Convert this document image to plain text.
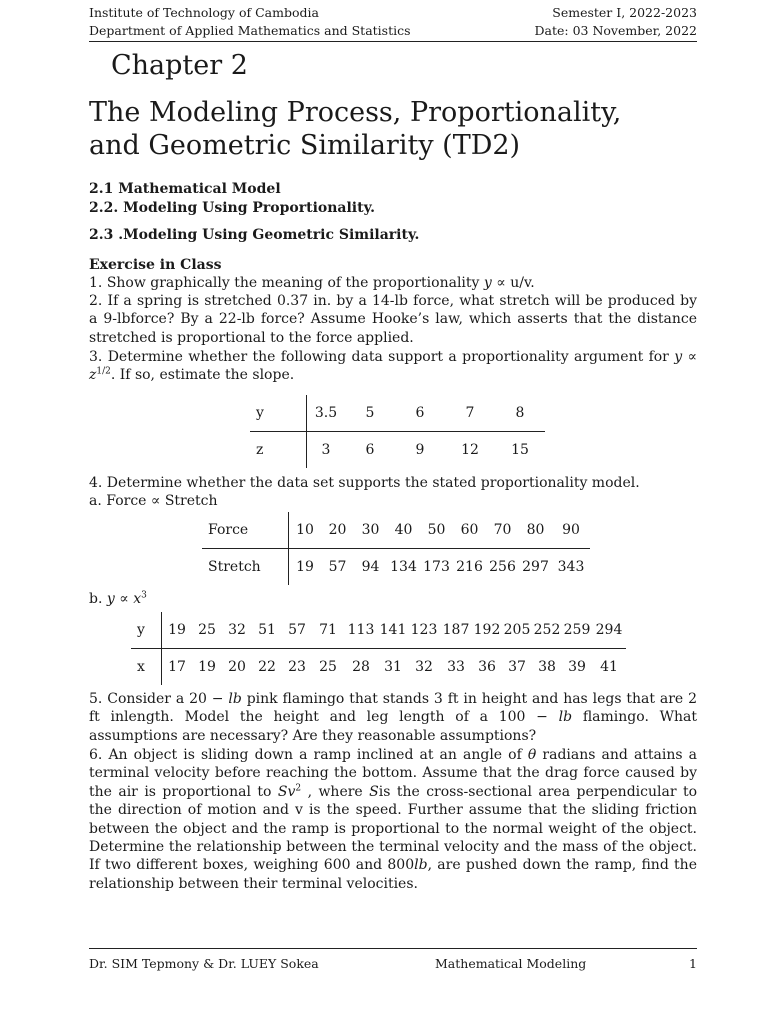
Institute of Technology of Cambodia
Department of Applied Mathematics and Statistics
Semester I, 2022-2023
Date: 03 November, 2022
Chapter 2
The Modeling Process, Proportionality,
and Geometric Similarity (TD2)
2.1 Mathematical Model
2.2. Modeling Using Proportionality.
2.3 .Modeling Using Geometric Similarity.
Exercise in Class
1. Show graphically the meaning of the proportionality y ∝ u/v.
2. If a spring is stretched 0.37 in. by a 14-lb force, what stretch will be produced by a 9-lbforce? By a 22-lb force? Assume Hooke’s law, which asserts that the distance stretched is proportional to the force applied.
3. Determine whether the following data support a proportionality argument for $y \propto z^{1/2}$. If so, estimate the slope.
y	3.5	5	6	7	8
z	3	6	9	12	15
4. Determine whether the data set supports the stated proportionality model.
a. Force ∝ Stretch
Force	10	20	30	40	50	60	70	80	90
Stretch	19	57	94	134	173	216	256	297	343
b. $y \propto x^3$
y	19	25	32	51	57	71	113	141	123	187	192	205	252	259	294
x	17	19	20	22	23	25	28	31	32	33	36	37	38	39	41
5. Consider a 20 − lb pink flamingo that stands 3 ft in height and has legs that are 2 ft inlength. Model the height and leg length of a 100 − lb flamingo. What assumptions are necessary? Are they reasonable assumptions?
6. An object is sliding down a ramp inclined at an angle of θ radians and attains a terminal velocity before reaching the bottom. Assume that the drag force caused by the air is proportional to Sv$^2$ , where Sis the cross-sectional area perpendicular to the direction of motion and v is the speed. Further assume that the sliding friction between the object and the ramp is proportional to the normal weight of the object. Determine the relationship between the terminal velocity and the mass of the object. If two different boxes, weighing 600 and 800lb, are pushed down the ramp, find the relationship between their terminal velocities.
Dr. SIM Tepmony & Dr. LUEY Sokea	Mathematical Modeling	1
